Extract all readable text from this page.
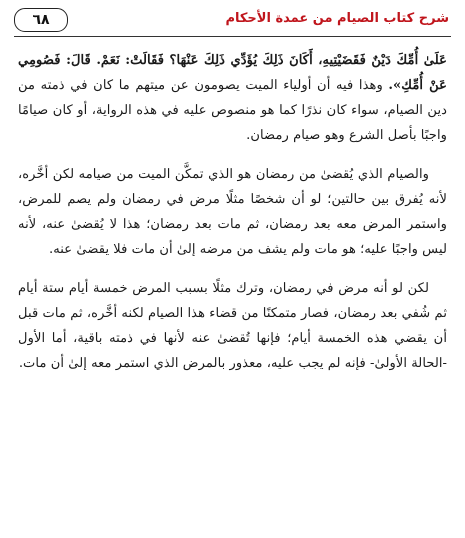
شرح كتاب الصيام من عمدة الأحكام
٦٨

عَلَىٰ أُمِّكَ دَيْنٌ فَقَضَيْتِيهِ، أَكَانَ ذَلِكَ يُؤَدِّي ذَلِكَ عَنْهَا؟ فَقَالَتْ: نَعَمْ. قَالَ: فَصُومِي عَنْ أُمِّكِ». وهذا فيه أن أولياء الميت يصومون عن ميتهم ما كان في ذمته من دين الصيام، سواء كان نذرًا كما هو منصوص عليه في هذه الرواية، أو كان صيامًا واجبًا بأصل الشرع وهو صيام رمضان.

والصيام الذي يُقضىٰ من رمضان هو الذي تمكَّن الميت من صيامه لكن أخَّره، لأنه يُفرق بين حالتين؛ لو أن شخصًا مثلًا مرض في رمضان ولم يصم للمرض، واستمر المرض معه بعد رمضان، ثم مات بعد رمضان؛ هذا لا يُقضىٰ عنه، لأنه ليس واجبًا عليه؛ هو مات ولم يشف من مرضه إلىٰ أن مات فلا يقضىٰ عنه.

لكن لو أنه مرض في رمضان، وترك مثلًا بسبب المرض خمسة أيام ستة أيام ثم شُفي بعد رمضان، فصار متمكنًا من قضاء هذا الصيام لكنه أخَّره، ثم مات قبل أن يقضي هذه الخمسة أيام؛ فإنها تُقضىٰ عنه لأنها في ذمته باقية، أما الأول -الحالة الأولىٰ- فإنه لم يجب عليه، معذور بالمرض الذي استمر معه إلىٰ أن مات.
